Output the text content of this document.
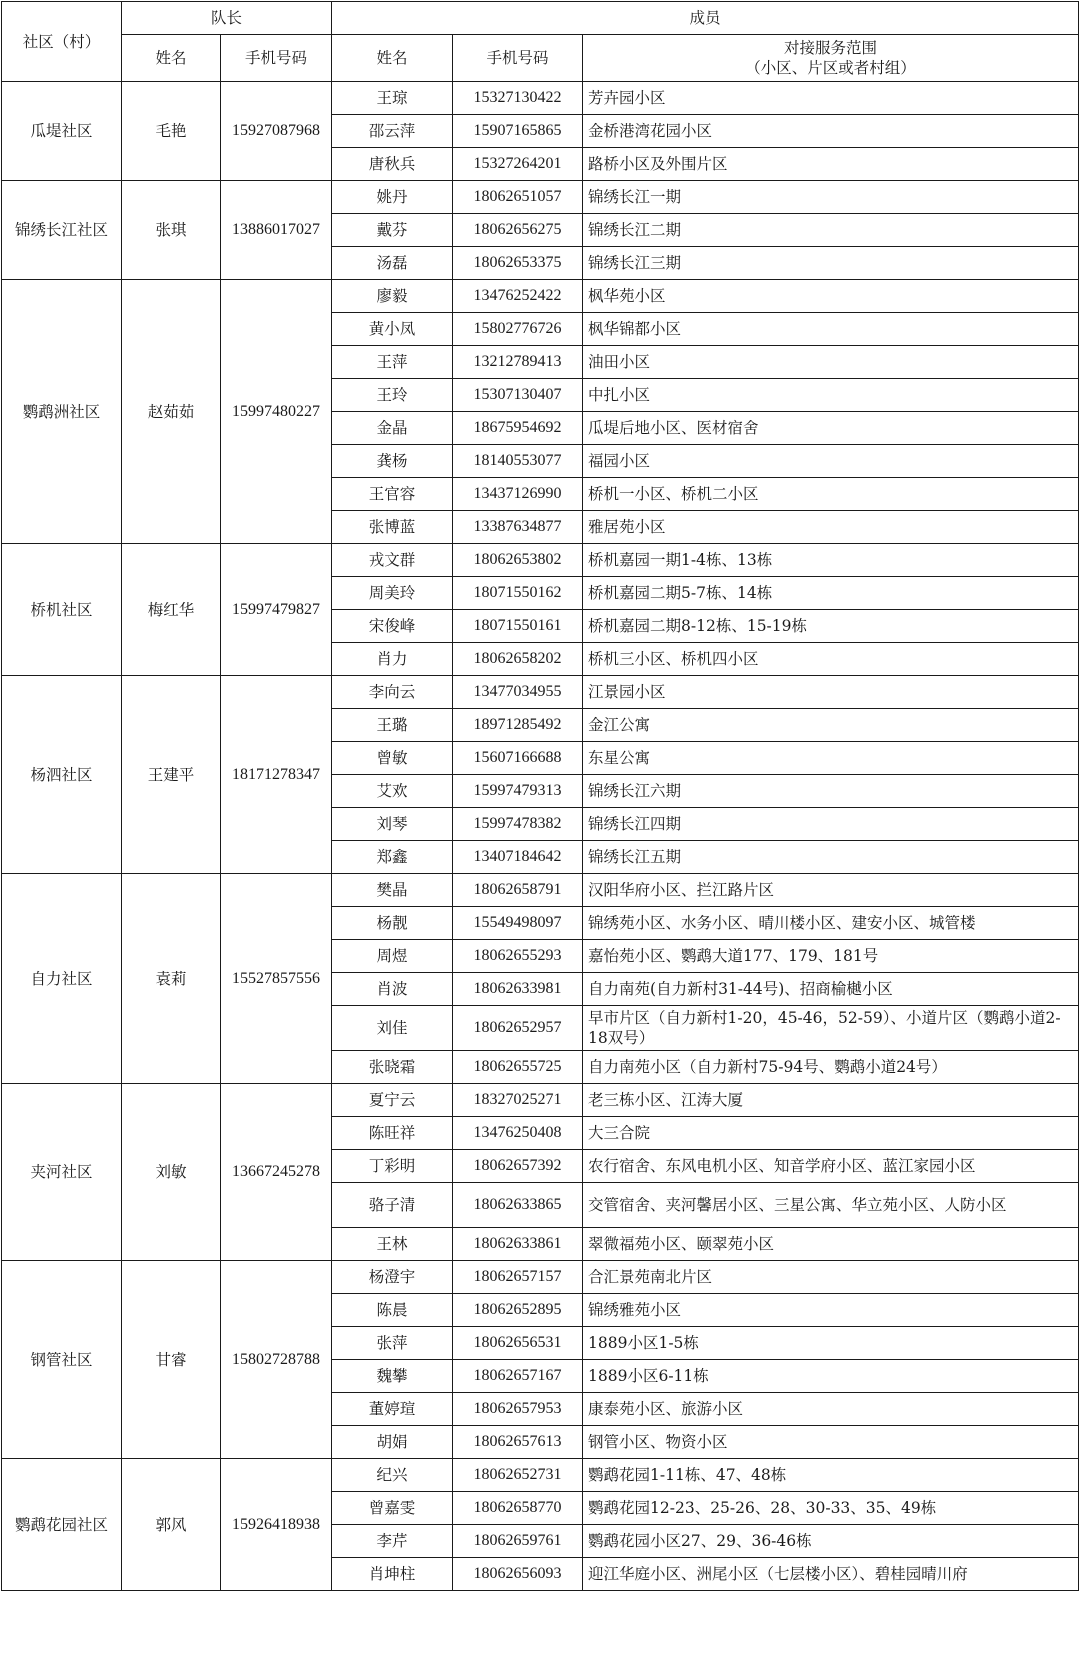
社区（村）	队长		成员		
	姓名	手机号码	姓名	手机号码	对接服务范围
（小区、片区或者村组）

瓜堤社区	毛艳	15927087968	王琼	15327130422	芳卉园小区
			邵云萍	15907165865	金桥港湾花园小区
			唐秋兵	15327264201	路桥小区及外围片区
锦绣长江社区	张琪	13886017027	姚丹	18062651057	锦绣长江一期
			戴芬	18062656275	锦绣长江二期
			汤磊	18062653375	锦绣长江三期
鹦鹉洲社区	赵茹茹	15997480227	廖毅	13476252422	枫华苑小区
			黄小凤	15802776726	枫华锦都小区
			王萍	13212789413	油田小区
			王玲	15307130407	中扎小区
			金晶	18675954692	瓜堤后地小区、医材宿舍
			龚杨	18140553077	福园小区
			王官容	13437126990	桥机一小区、桥机二小区
			张博蓝	13387634877	雅居苑小区
桥机社区	梅红华	15997479827	戎文群	18062653802	桥机嘉园一期1-4栋、13栋
			周美玲	18071550162	桥机嘉园二期5-7栋、14栋
			宋俊峰	18071550161	桥机嘉园二期8-12栋、15-19栋
			肖力	18062658202	桥机三小区、桥机四小区
杨泗社区	王建平	18171278347	李向云	13477034955	江景园小区
			王璐	18971285492	金江公寓
			曾敏	15607166688	东星公寓
			艾欢	15997479313	锦绣长江六期
			刘琴	15997478382	锦绣长江四期
			郑鑫	13407184642	锦绣长江五期
自力社区	袁莉	15527857556	樊晶	18062658791	汉阳华府小区、拦江路片区
			杨靓	15549498097	锦绣苑小区、水务小区、晴川楼小区、建安小区、城管楼
			周煜	18062655293	嘉怡苑小区、鹦鹉大道177、179、181号
			肖波	18062633981	自力南苑(自力新村31-44号)、招商榆樾小区
			刘佳	18062652957	早市片区（自力新村1-20，45-46，52-59）、小道片区（鹦鹉小道2-18双号）
			张晓霜	18062655725	自力南苑小区（自力新村75-94号、鹦鹉小道24号）
夹河社区	刘敏	13667245278	夏宁云	18327025271	老三栋小区、江涛大厦
			陈旺祥	13476250408	大三合院
			丁彩明	18062657392	农行宿舍、东风电机小区、知音学府小区、蓝江家园小区
			骆子清	18062633865	交管宿舍、夹河馨居小区、三星公寓、华立苑小区、人防小区
			王林	18062633861	翠微福苑小区、颐翠苑小区
钢管社区	甘睿	15802728788	杨澄宇	18062657157	合汇景苑南北片区
			陈晨	18062652895	锦绣雅苑小区
			张萍	18062656531	1889小区1-5栋
			魏攀	18062657167	1889小区6-11栋
			董婷瑄	18062657953	康泰苑小区、旅游小区
			胡娟	18062657613	钢管小区、物资小区
鹦鹉花园社区	郭风	15926418938	纪兴	18062652731	鹦鹉花园1-11栋、47、48栋
			曾嘉雯	18062658770	鹦鹉花园12-23、25-26、28、30-33、35、49栋
			李芹	18062659761	鹦鹉花园小区27、29、36-46栋
			肖坤柱	18062656093	迎江华庭小区、洲尾小区（七层楼小区）、碧桂园晴川府
